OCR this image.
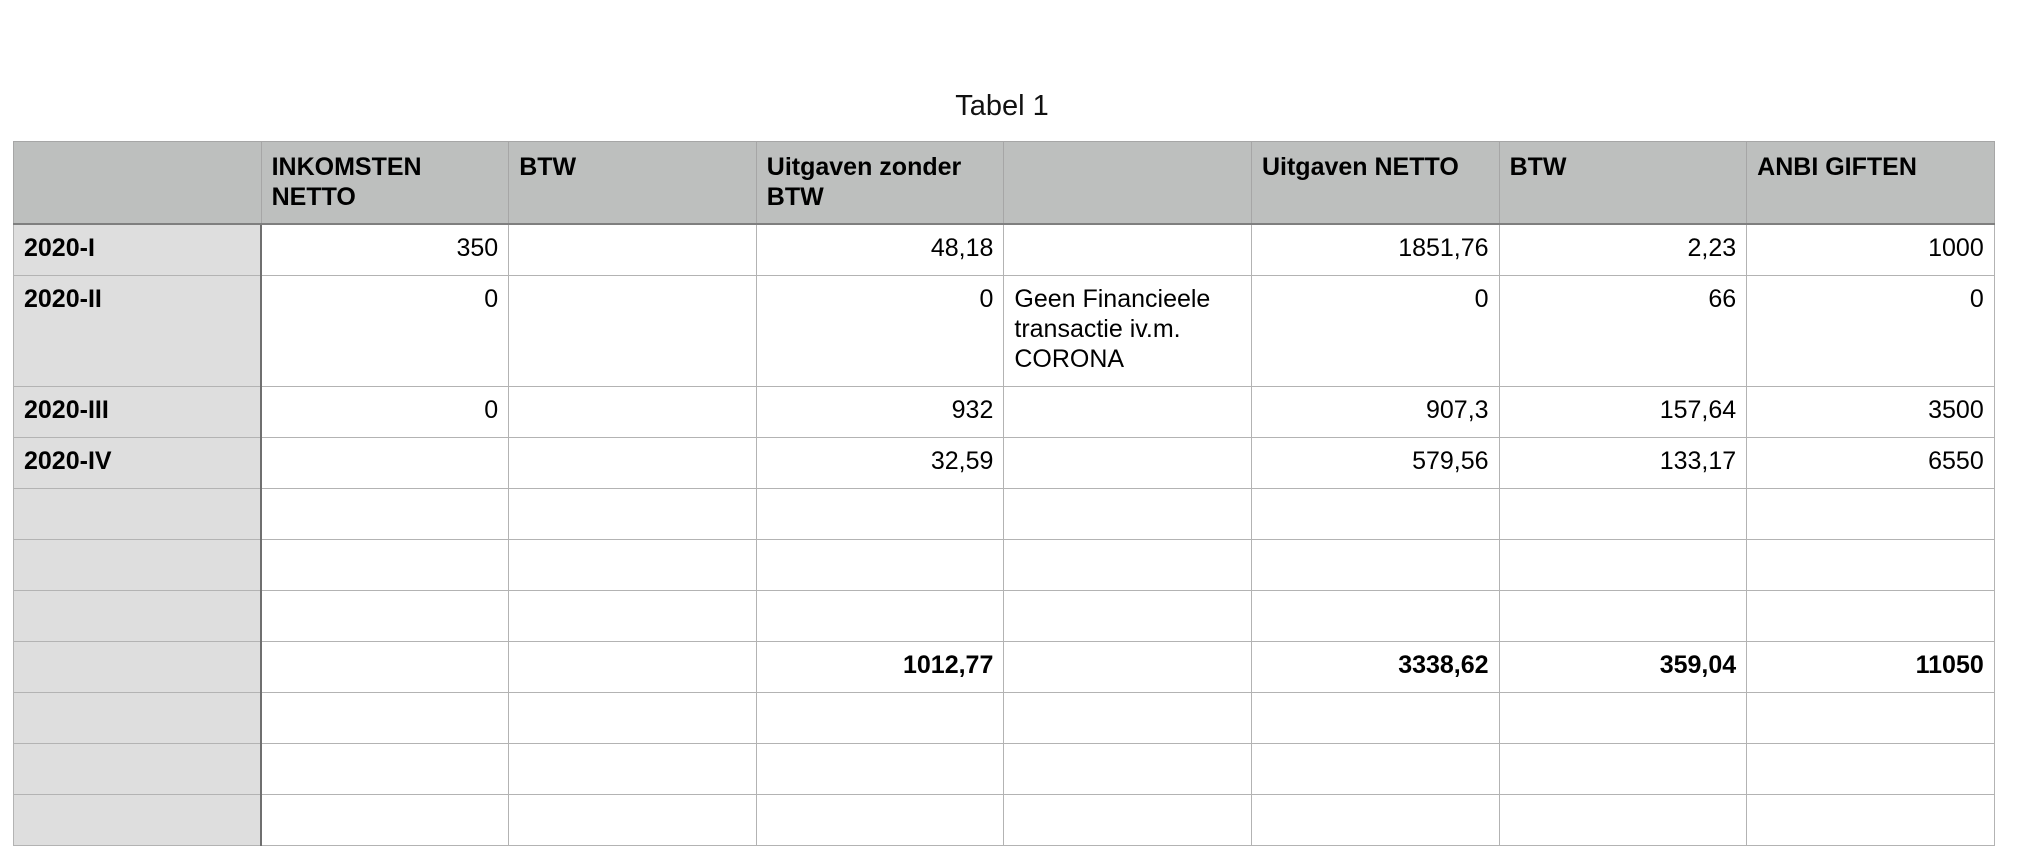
Tabel 1
	INKOMSTEN NETTO	BTW	Uitgaven zonder BTW		Uitgaven NETTO	BTW	ANBI GIFTEN
2020-I	350		48,18		1851,76	2,23	1000
2020-II	0		0	Geen Financieele transactie iv.m. CORONA	0	66	0
2020-III	0		932		907,3	157,64	3500
2020-IV			32,59		579,56	133,17	6550

			1012,77		3338,62	359,04	11050
